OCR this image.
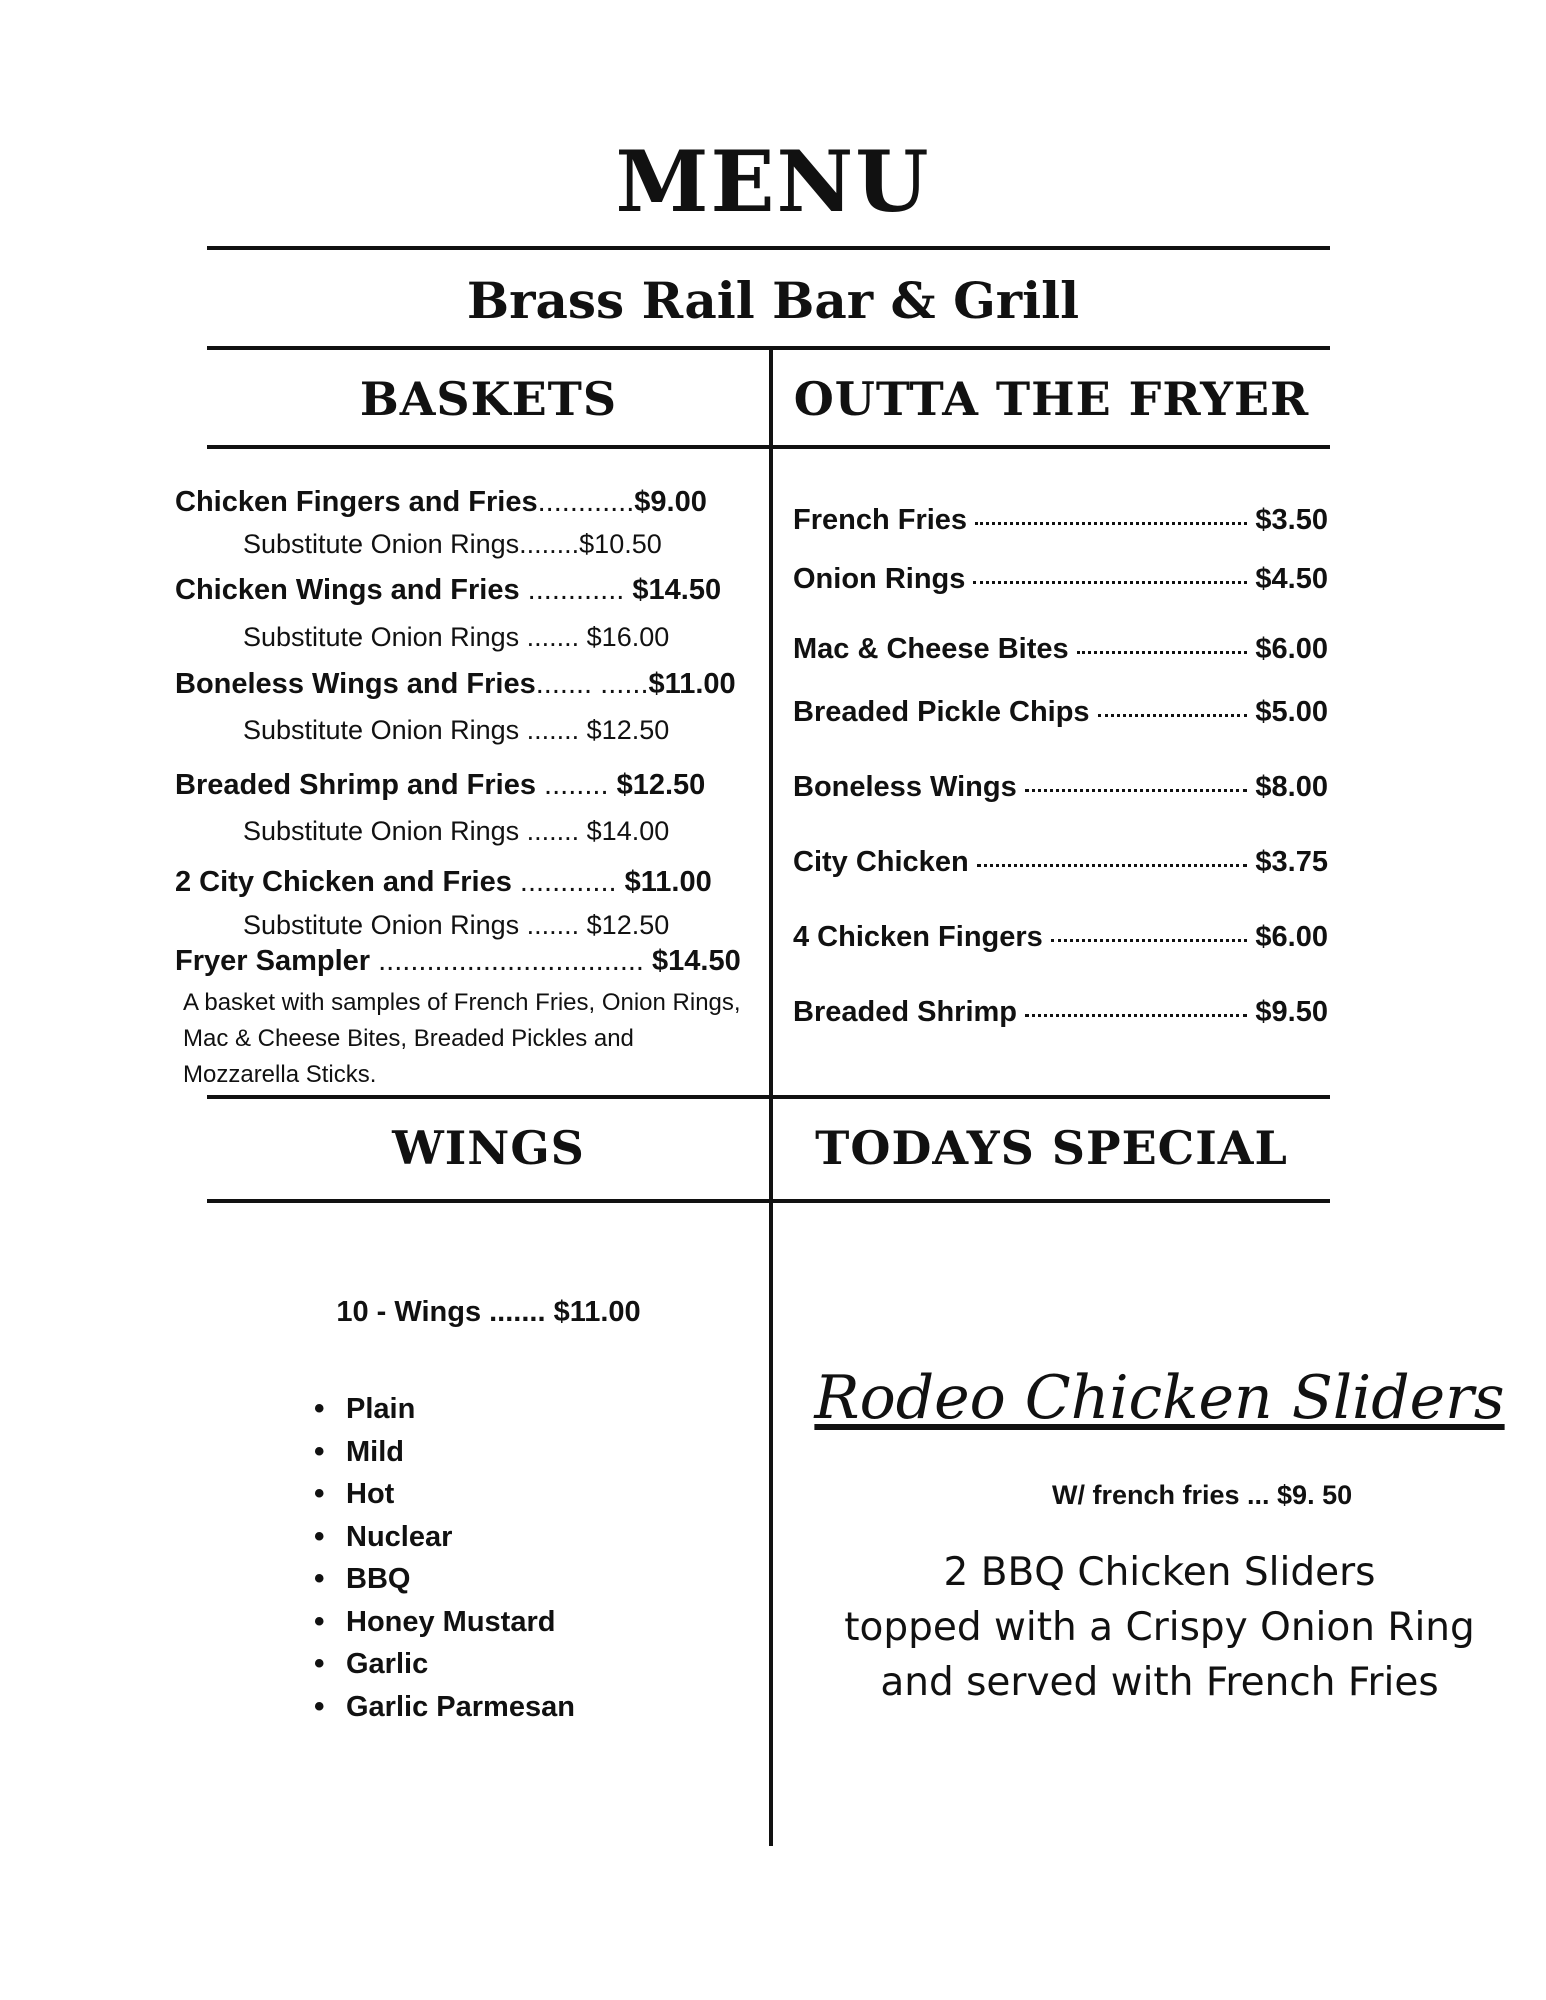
MENU
Brass Rail Bar & Grill
BASKETS	OUTTA THE FRYER
Chicken Fingers and Fries............$9.00
Substitute Onion Rings........$10.50
Chicken Wings and Fries ............ $14.50
Substitute Onion Rings ....... $16.00
Boneless Wings and Fries....... ......$11.00
Substitute Onion Rings ....... $12.50
Breaded Shrimp and Fries ........ $12.50
Substitute Onion Rings ....... $14.00
2 City Chicken and Fries ............ $11.00
Substitute Onion Rings ....... $12.50
Fryer Sampler ................................. $14.50
A basket with samples of French Fries, Onion Rings, Mac & Cheese Bites, Breaded Pickles and Mozzarella Sticks.
French Fries	$3.50
Onion Rings	$4.50
Mac & Cheese Bites	$6.00
Breaded Pickle Chips	$5.00
Boneless Wings	$8.00
City Chicken	$3.75
4 Chicken Fingers	$6.00
Breaded Shrimp	$9.50
WINGS	TODAYS SPECIAL
10 - Wings ....... $11.00
• Plain
• Mild
• Hot
• Nuclear
• BBQ
• Honey Mustard
• Garlic
• Garlic Parmesan
Rodeo Chicken Sliders
W/ french fries ... $9. 50
2 BBQ Chicken Sliders
topped with a Crispy Onion Ring
and served with French Fries
